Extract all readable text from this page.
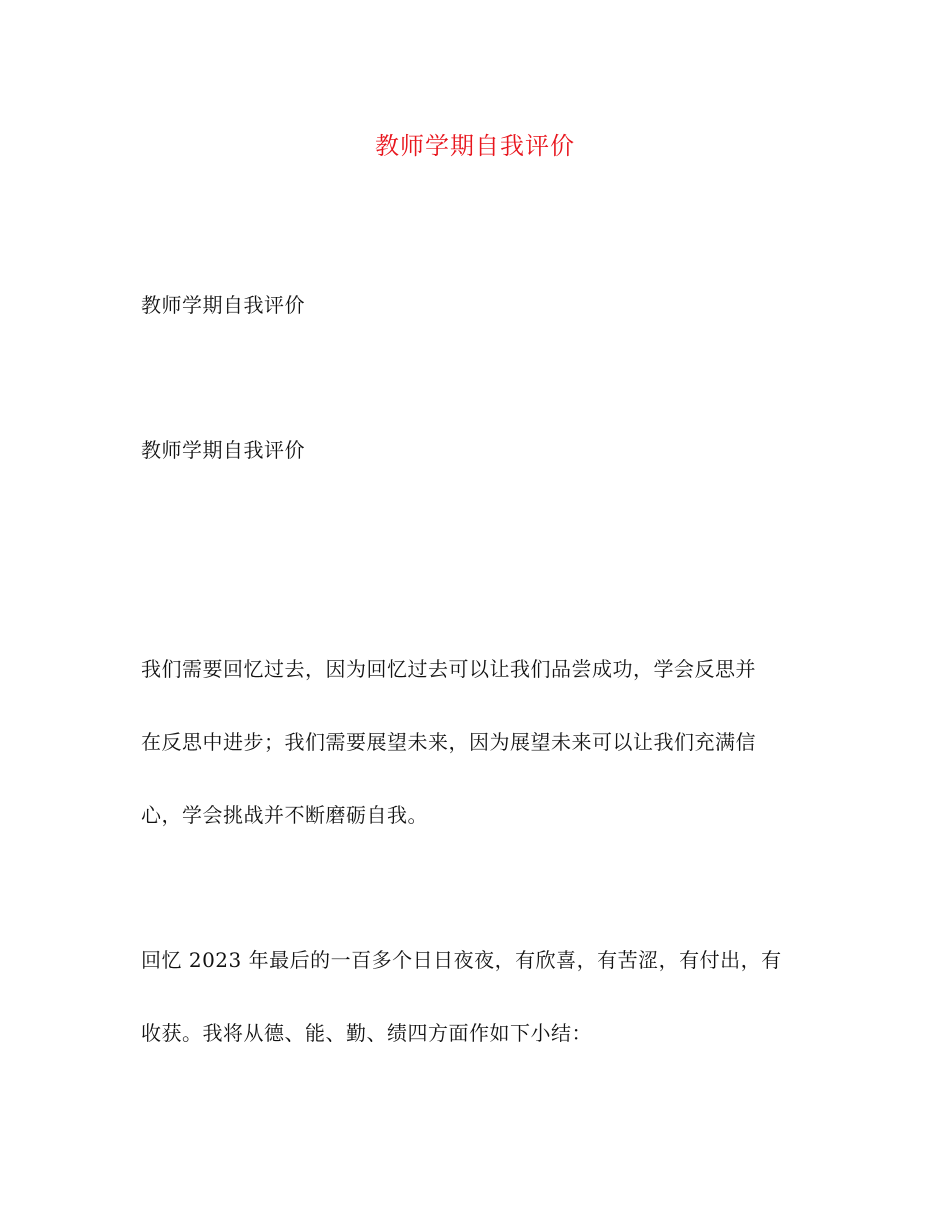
教师学期自我评价
教师学期自我评价
教师学期自我评价
我们需要回忆过去，因为回忆过去可以让我们品尝成功，学会反思并
在反思中进步；我们需要展望未来，因为展望未来可以让我们充满信
心，学会挑战并不断磨砺自我。
回忆 2023 年最后的一百多个日日夜夜，有欣喜，有苦涩，有付出，有
收获。我将从德、能、勤、绩四方面作如下小结：
